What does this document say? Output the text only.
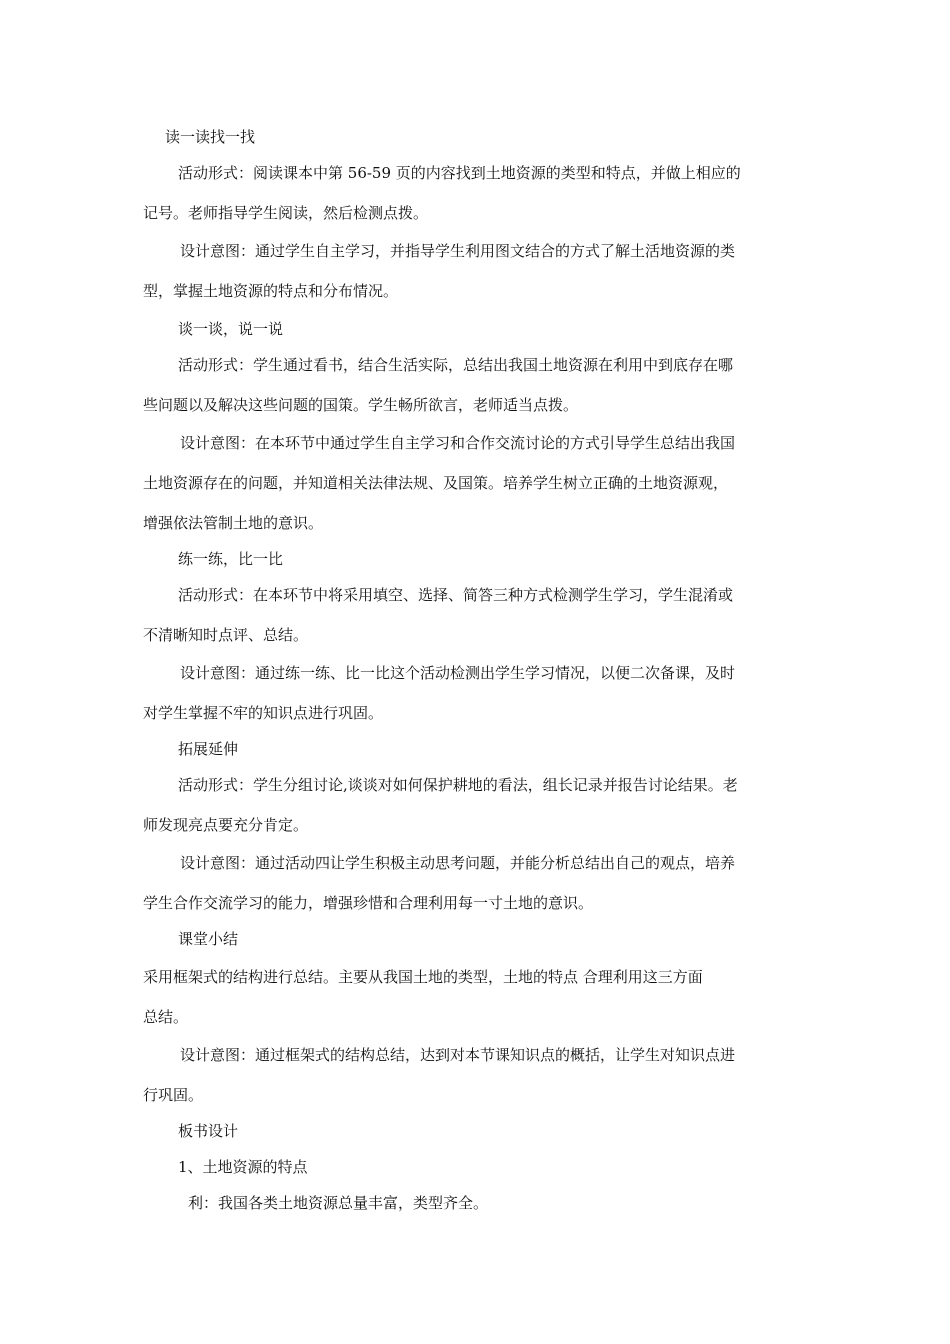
读一读找一找
活动形式：阅读课本中第 56-59 页的内容找到土地资源的类型和特点，并做上相应的
记号。老师指导学生阅读，然后检测点拨。
设计意图：通过学生自主学习，并指导学生利用图文结合的方式了解土活地资源的类
型，掌握土地资源的特点和分布情况。
谈一谈，说一说
活动形式：学生通过看书，结合生活实际，总结出我国土地资源在利用中到底存在哪
些问题以及解决这些问题的国策。学生畅所欲言，老师适当点拨。
设计意图：在本环节中通过学生自主学习和合作交流讨论的方式引导学生总结出我国
土地资源存在的问题，并知道相关法律法规、及国策。培养学生树立正确的土地资源观，
增强依法管制土地的意识。
练一练，比一比
活动形式：在本环节中将采用填空、选择、简答三种方式检测学生学习，学生混淆或
不清晰知时点评、总结。
设计意图：通过练一练、比一比这个活动检测出学生学习情况，以便二次备课，及时
对学生掌握不牢的知识点进行巩固。
拓展延伸
活动形式：学生分组讨论,谈谈对如何保护耕地的看法，组长记录并报告讨论结果。老
师发现亮点要充分肯定。
设计意图：通过活动四让学生积极主动思考问题，并能分析总结出自己的观点，培养
学生合作交流学习的能力，增强珍惜和合理利用每一寸土地的意识。
课堂小结
采用框架式的结构进行总结。主要从我国土地的类型，土地的特点 合理利用这三方面
总结。
设计意图：通过框架式的结构总结，达到对本节课知识点的概括，让学生对知识点进
行巩固。
板书设计
1、土地资源的特点
利：我国各类土地资源总量丰富，类型齐全。
